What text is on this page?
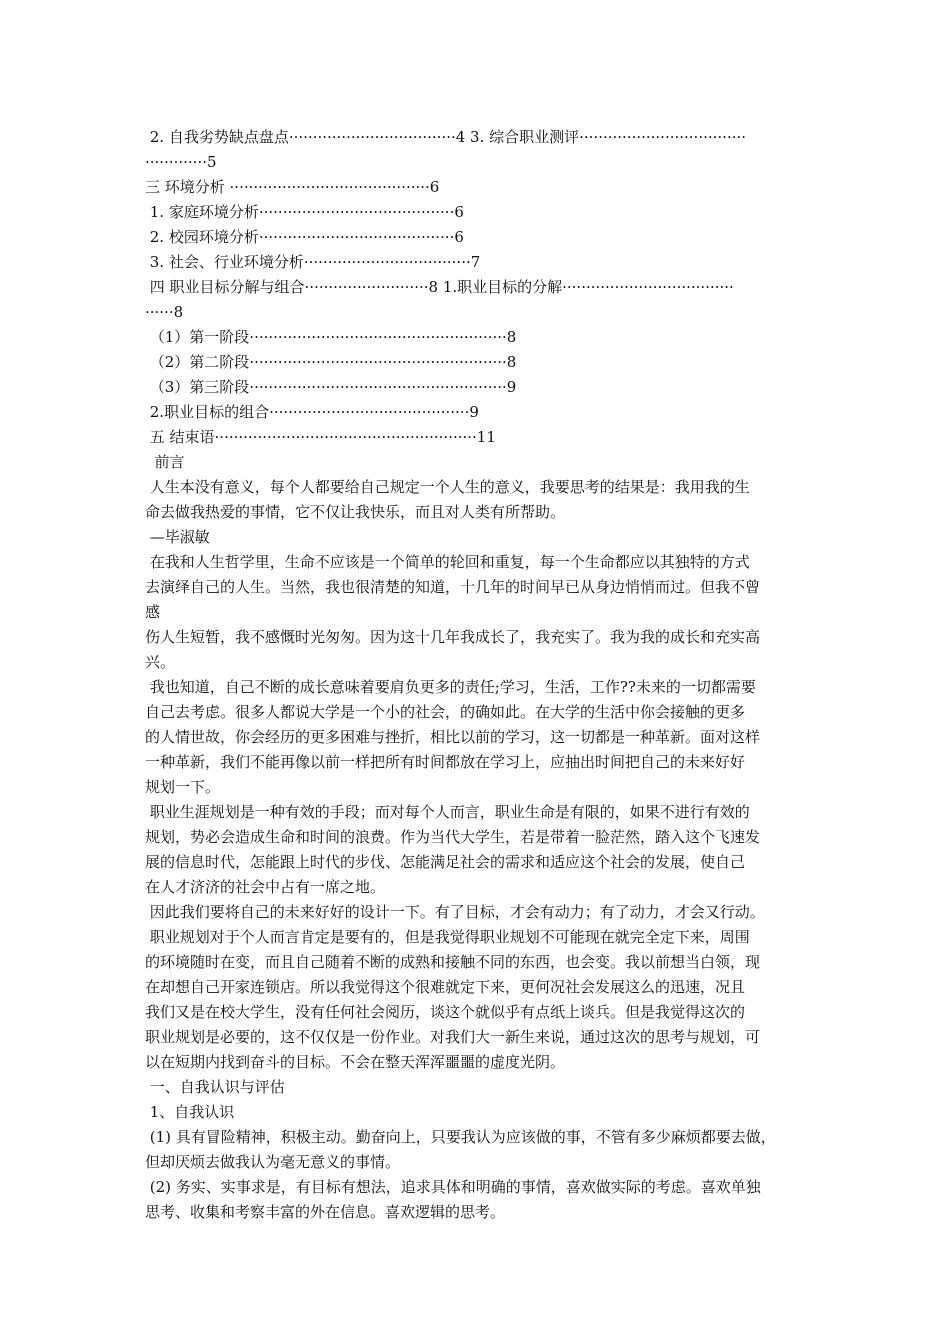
2. 自我劣势缺点盘点···································4 3. 综合职业测评···································
·············5
三 环境分析 ··········································6
1. 家庭环境分析·········································6
2. 校园环境分析·········································6
3. 社会、行业环境分析···································7
四 职业目标分解与组合··························8 1.职业目标的分解····································
······8
（1）第一阶段······················································8
（2）第二阶段······················································8
（3）第三阶段······················································9
2.职业目标的组合··········································9
五 结束语·······················································11
前言
人生本没有意义，每个人都要给自己规定一个人生的意义，我要思考的结果是：我用我的生
命去做我热爱的事情，它不仅让我快乐，而且对人类有所帮助。
—毕淑敏
在我和人生哲学里，生命不应该是一个简单的轮回和重复，每一个生命都应以其独特的方式
去演绎自己的人生。当然，我也很清楚的知道，十几年的时间早已从身边悄悄而过。但我不曾
感
伤人生短暂，我不感慨时光匆匆。因为这十几年我成长了，我充实了。我为我的成长和充实高
兴。
我也知道，自己不断的成长意味着要肩负更多的责任;学习，生活，工作??未来的一切都需要
自己去考虑。很多人都说大学是一个小的社会，的确如此。在大学的生活中你会接触的更多
的人情世故，你会经历的更多困难与挫折，相比以前的学习，这一切都是一种革新。面对这样
一种革新，我们不能再像以前一样把所有时间都放在学习上，应抽出时间把自己的未来好好
规划一下。
职业生涯规划是一种有效的手段；而对每个人而言，职业生命是有限的，如果不进行有效的
规划，势必会造成生命和时间的浪费。作为当代大学生，若是带着一脸茫然，踏入这个飞速发
展的信息时代，怎能跟上时代的步伐、怎能满足社会的需求和适应这个社会的发展，使自己
在人才济济的社会中占有一席之地。
因此我们要将自己的未来好好的设计一下。有了目标，才会有动力；有了动力，才会又行动。
职业规划对于个人而言肯定是要有的，但是我觉得职业规划不可能现在就完全定下来，周围
的环境随时在变，而且自己随着不断的成熟和接触不同的东西，也会变。我以前想当白领，现
在却想自己开家连锁店。所以我觉得这个很难就定下来，更何况社会发展这么的迅速，况且
我们又是在校大学生，没有任何社会阅历，谈这个就似乎有点纸上谈兵。但是我觉得这次的
职业规划是必要的，这不仅仅是一份作业。对我们大一新生来说，通过这次的思考与规划，可
以在短期内找到奋斗的目标。不会在整天浑浑噩噩的虚度光阴。
一、自我认识与评估
1、自我认识
(1) 具有冒险精神，积极主动。勤奋向上，只要我认为应该做的事，不管有多少麻烦都要去做，
但却厌烦去做我认为毫无意义的事情。
(2) 务实、实事求是，有目标有想法，追求具体和明确的事情，喜欢做实际的考虑。喜欢单独
思考、收集和考察丰富的外在信息。喜欢逻辑的思考。
